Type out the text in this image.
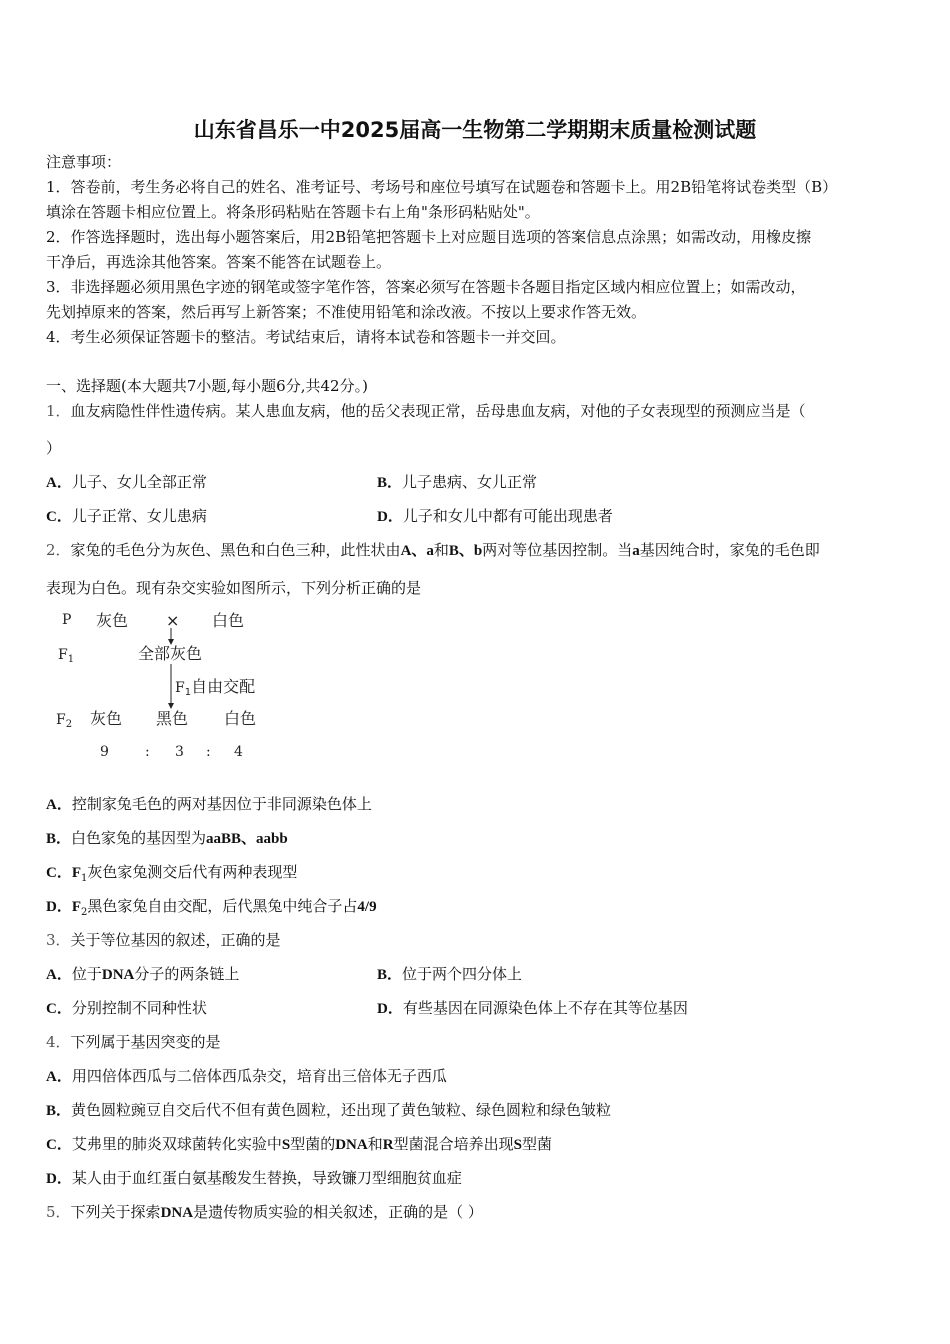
山东省昌乐一中2025届高一生物第二学期期末质量检测试题
注意事项：
1．答卷前，考生务必将自己的姓名、准考证号、考场号和座位号填写在试题卷和答题卡上。用2B铅笔将试卷类型（B）
填涂在答题卡相应位置上。将条形码粘贴在答题卡右上角"条形码粘贴处"。
2．作答选择题时，选出每小题答案后，用2B铅笔把答题卡上对应题目选项的答案信息点涂黑；如需改动，用橡皮擦
干净后，再选涂其他答案。答案不能答在试题卷上。
3．非选择题必须用黑色字迹的钢笔或签字笔作答，答案必须写在答题卡各题目指定区域内相应位置上；如需改动，
先划掉原来的答案，然后再写上新答案；不准使用铅笔和涂改液。不按以上要求作答无效。
4．考生必须保证答题卡的整洁。考试结束后，请将本试卷和答题卡一并交回。
一、选择题(本大题共7小题,每小题6分,共42分。)
1．血友病隐性伴性遗传病。某人患血友病，他的岳父表现正常，岳母患血友病，对他的子女表现型的预测应当是（
）
A．儿子、女儿全部正常	B．儿子患病、女儿正常
C．儿子正常、女儿患病	D．儿子和女儿中都有可能出现患者
2．家兔的毛色分为灰色、黑色和白色三种，此性状由A、a和B、b两对等位基因控制。当a基因纯合时，家兔的毛色即
表现为白色。现有杂交实验如图所示，下列分析正确的是
P 灰色 × 白色
$F_1$	全部灰色
F1自由交配
$F_2$ 灰色 黑色 白色
9	: 3 : 4
A．控制家兔毛色的两对基因位于非同源染色体上
B．白色家兔的基因型为aaBB、aabb
C．$F_1$灰色家兔测交后代有两种表现型
D．$F_2$黑色家兔自由交配，后代黑兔中纯合子占4/9
3．关于等位基因的叙述，正确的是
A．位于DNA分子的两条链上	B．位于两个四分体上
C．分别控制不同种性状	D．有些基因在同源染色体上不存在其等位基因
4．下列属于基因突变的是
A．用四倍体西瓜与二倍体西瓜杂交，培育出三倍体无子西瓜
B．黄色圆粒豌豆自交后代不但有黄色圆粒，还出现了黄色皱粒、绿色圆粒和绿色皱粒
C．艾弗里的肺炎双球菌转化实验中S型菌的DNA和R型菌混合培养出现S型菌
D．某人由于血红蛋白氨基酸发生替换，导致镰刀型细胞贫血症
5．下列关于探索DNA是遗传物质实验的相关叙述，正确的是（ ）
